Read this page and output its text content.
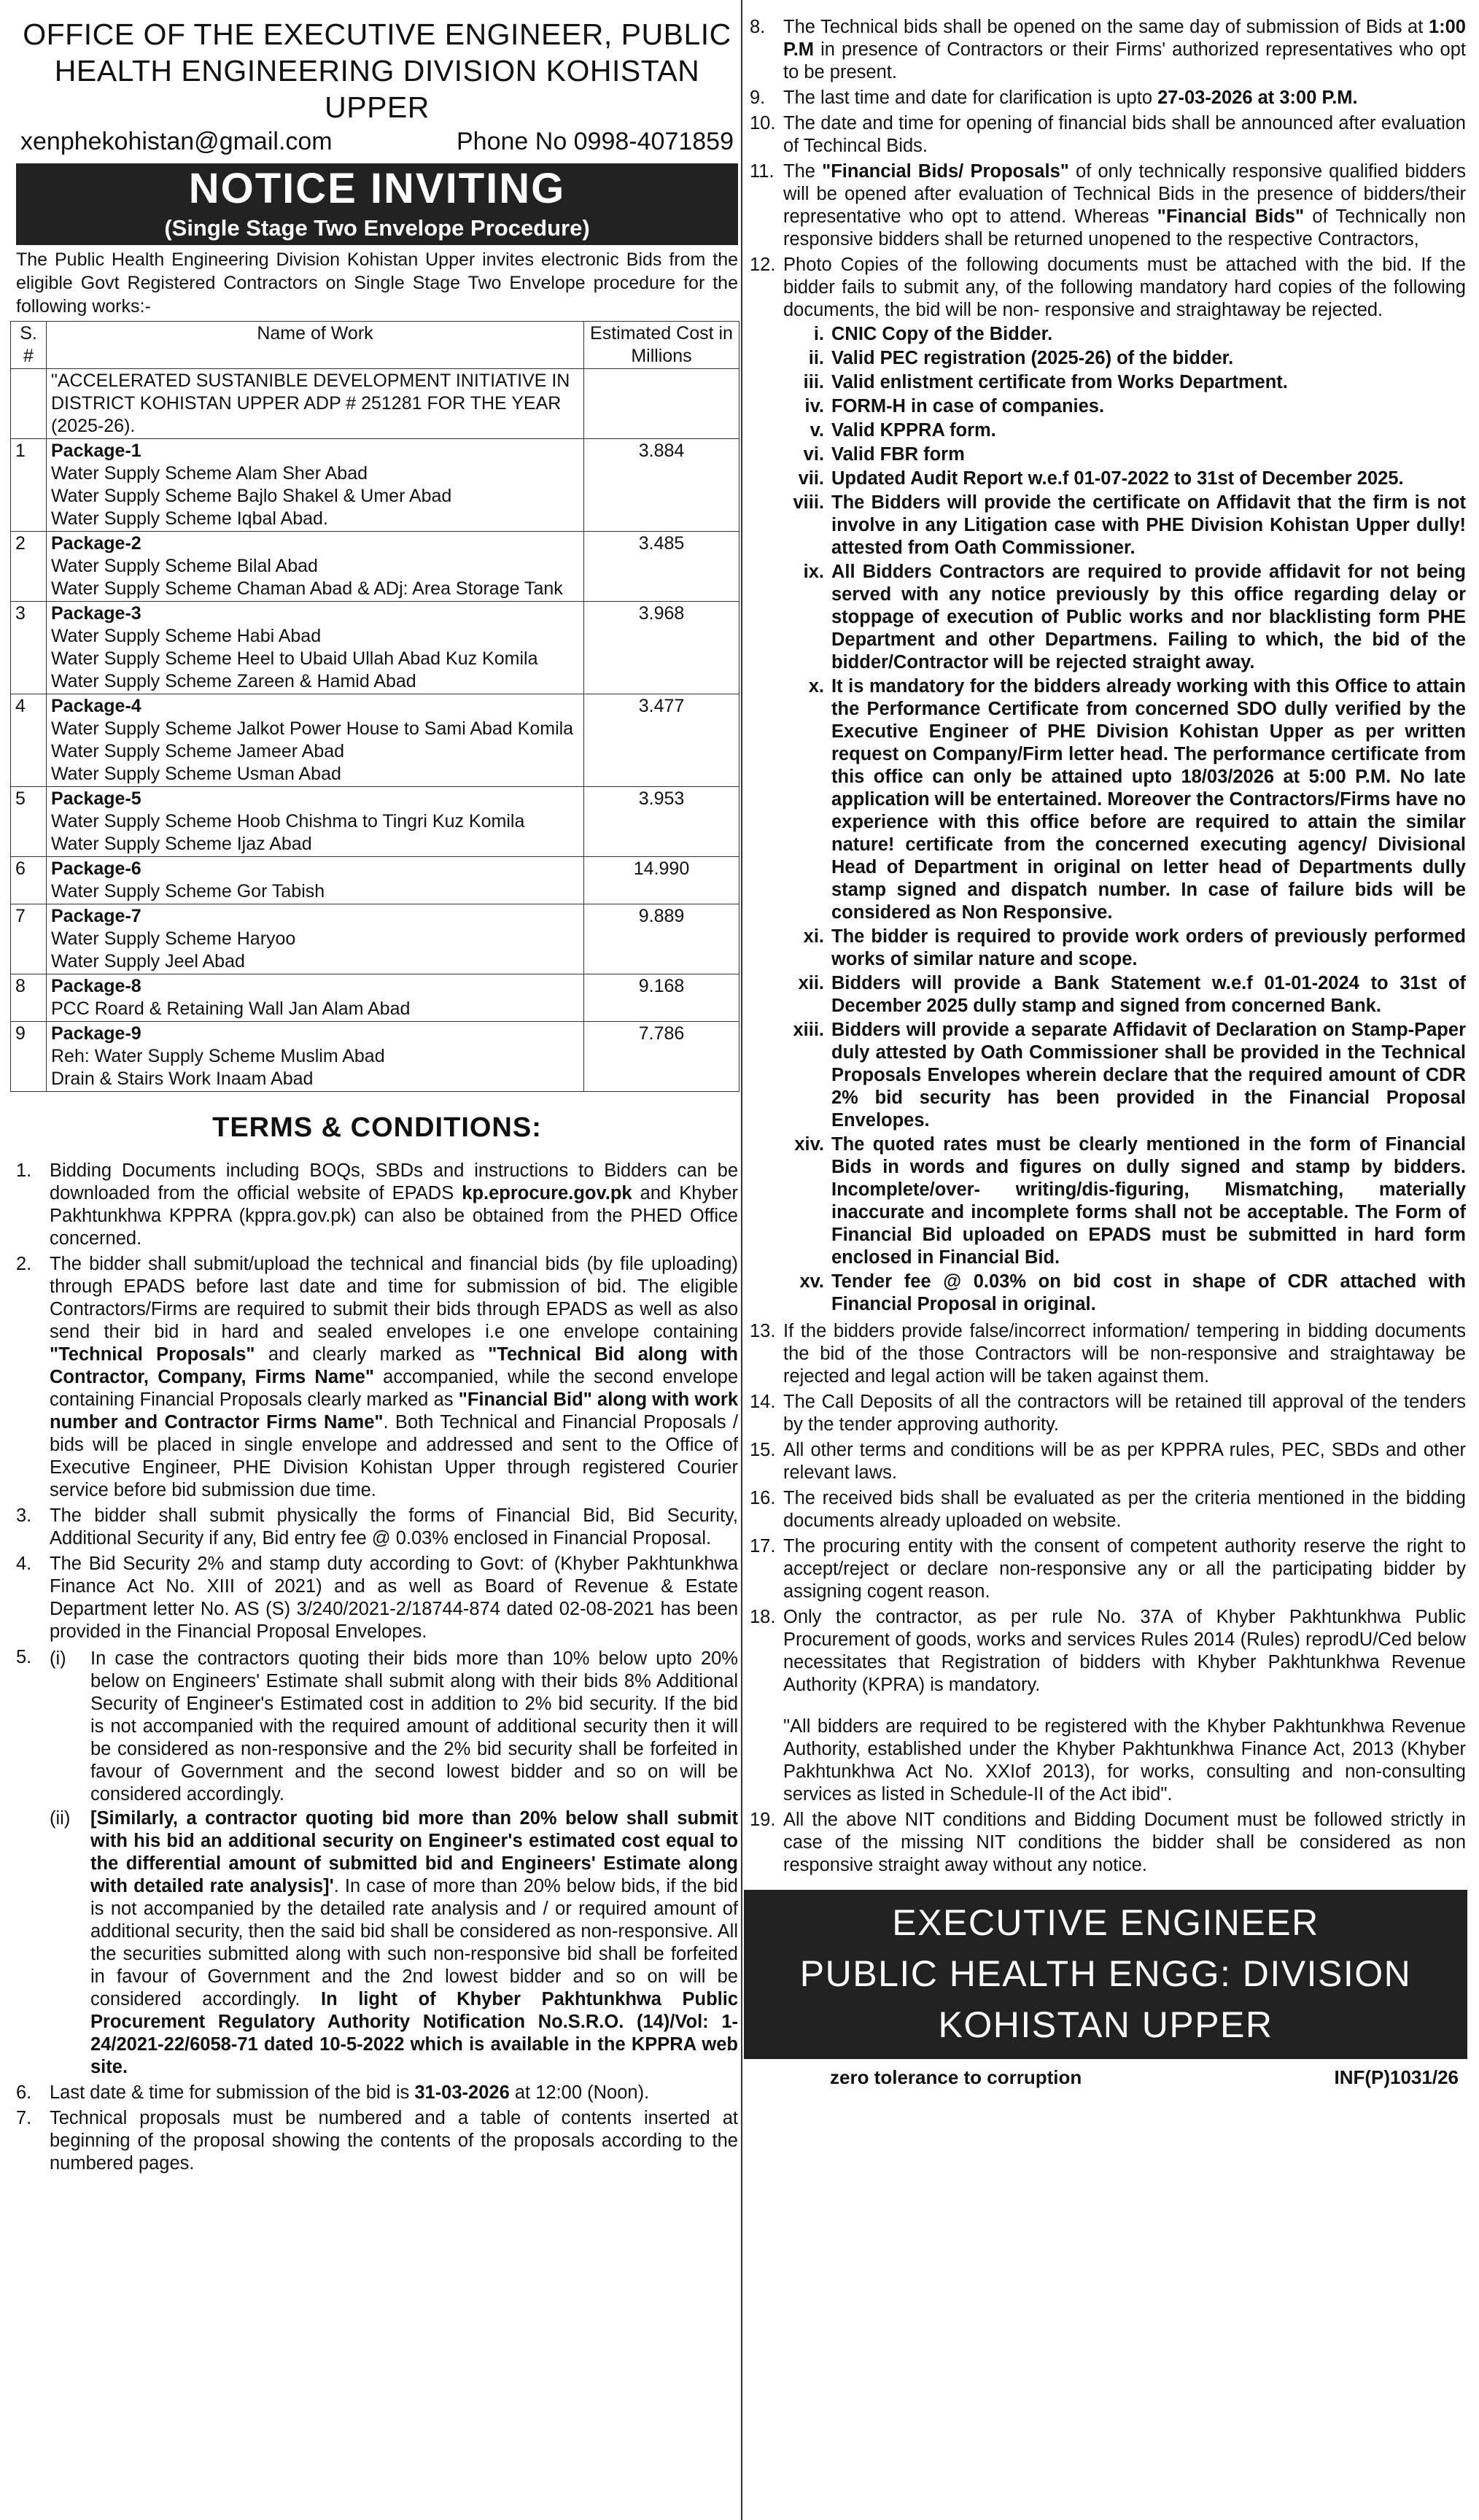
OFFICE OF THE EXECUTIVE ENGINEER, PUBLIC
HEALTH ENGINEERING DIVISION KOHISTAN UPPER
xenphekohistan@gmail.com	Phone No 0998-4071859
NOTICE INVITING
(Single Stage Two Envelope Procedure)
The Public Health Engineering Division Kohistan Upper invites electronic Bids from the eligible Govt Registered Contractors on Single Stage Two Envelope procedure for the following works:-
S. #	Name of Work	Estimated Cost in Millions
	"ACCELERATED SUSTANIBLE DEVELOPMENT INITIATIVE IN DISTRICT KOHISTAN UPPER ADP # 251281 FOR THE YEAR (2025-26).	
1	Package-1
Water Supply Scheme Alam Sher Abad
Water Supply Scheme Bajlo Shakel & Umer Abad
Water Supply Scheme Iqbal Abad.	3.884
2	Package-2
Water Supply Scheme Bilal Abad
Water Supply Scheme Chaman Abad & ADj: Area Storage Tank	3.485
3	Package-3
Water Supply Scheme Habi Abad
Water Supply Scheme Heel to Ubaid Ullah Abad Kuz Komila
Water Supply Scheme Zareen & Hamid Abad	3.968
4	Package-4
Water Supply Scheme Jalkot Power House to Sami Abad Komila
Water Supply Scheme Jameer Abad
Water Supply Scheme Usman Abad	3.477
5	Package-5
Water Supply Scheme Hoob Chishma to Tingri Kuz Komila
Water Supply Scheme Ijaz Abad	3.953
6	Package-6
Water Supply Scheme Gor Tabish	14.990
7	Package-7
Water Supply Scheme Haryoo
Water Supply Jeel Abad	9.889
8	Package-8
PCC Roard & Retaining Wall Jan Alam Abad	9.168
9	Package-9
Reh: Water Supply Scheme Muslim Abad
Drain & Stairs Work Inaam Abad	7.786
TERMS & CONDITIONS:
1. Bidding Documents including BOQs, SBDs and instructions to Bidders can be downloaded from the official website of EPADS kp.eprocure.gov.pk and Khyber Pakhtunkhwa KPPRA (kppra.gov.pk) can also be obtained from the PHED Office concerned.
2. The bidder shall submit/upload the technical and financial bids (by file uploading) through EPADS before last date and time for submission of bid. The eligible Contractors/Firms are required to submit their bids through EPADS as well as also send their bid in hard and sealed envelopes i.e one envelope containing "Technical Proposals" and clearly marked as "Technical Bid along with Contractor, Company, Firms Name" accompanied, while the second envelope containing Financial Proposals clearly marked as "Financial Bid" along with work number and Contractor Firms Name". Both Technical and Financial Proposals / bids will be placed in single envelope and addressed and sent to the Office of Executive Engineer, PHE Division Kohistan Upper through registered Courier service before bid submission due time.
3. The bidder shall submit physically the forms of Financial Bid, Bid Security, Additional Security if any, Bid entry fee @ 0.03% enclosed in Financial Proposal.
4. The Bid Security 2% and stamp duty according to Govt: of (Khyber Pakhtunkhwa Finance Act No. XIII of 2021) and as well as Board of Revenue & Estate Department letter No. AS (S) 3/240/2021-2/18744-874 dated 02-08-2021 has been provided in the Financial Proposal Envelopes.
5. (i)	In case the contractors quoting their bids more than 10% below upto 20% below on Engineers' Estimate shall submit along with their bids 8% Additional Security of Engineer's Estimated cost in addition to 2% bid security. If the bid is not accompanied with the required amount of additional security then it will be considered as non-responsive and the 2% bid security shall be forfeited in favour of Government and the second lowest bidder and so on will be considered accordingly.
(ii)	[Similarly, a contractor quoting bid more than 20% below shall submit with his bid an additional security on Engineer's estimated cost equal to the differential amount of submitted bid and Engineers' Estimate along with detailed rate analysis]'. In case of more than 20% below bids, if the bid is not accompanied by the detailed rate analysis and / or required amount of additional security, then the said bid shall be considered as non-responsive. All the securities submitted along with such non-responsive bid shall be forfeited in favour of Government and the 2nd lowest bidder and so on will be considered accordingly. In light of Khyber Pakhtunkhwa Public Procurement Regulatory Authority Notification No.S.R.O. (14)/Vol: 1-24/2021-22/6058-71 dated 10-5-2022 which is available in the KPPRA web site.
6. Last date & time for submission of the bid is 31-03-2026 at 12:00 (Noon).
7. Technical proposals must be numbered and a table of contents inserted at beginning of the proposal showing the contents of the proposals according to the numbered pages.
8. The Technical bids shall be opened on the same day of submission of Bids at 1:00 P.M in presence of Contractors or their Firms' authorized representatives who opt to be present.
9. The last time and date for clarification is upto 27-03-2026 at 3:00 P.M.
10. The date and time for opening of financial bids shall be announced after evaluation of Techincal Bids.
11. The "Financial Bids/ Proposals" of only technically responsive qualified bidders will be opened after evaluation of Technical Bids in the presence of bidders/their representative who opt to attend. Whereas "Financial Bids" of Technically non responsive bidders shall be returned unopened to the respective Contractors,
12. Photo Copies of the following documents must be attached with the bid. If the bidder fails to submit any, of the following mandatory hard copies of the following documents, the bid will be non- responsive and straightaway be rejected.
i. CNIC Copy of the Bidder.
ii. Valid PEC registration (2025-26) of the bidder.
iii. Valid enlistment certificate from Works Department.
iv. FORM-H in case of companies.
v. Valid KPPRA form.
vi. Valid FBR form
vii. Updated Audit Report w.e.f 01-07-2022 to 31st of December 2025.
viii. The Bidders will provide the certificate on Affidavit that the firm is not involve in any Litigation case with PHE Division Kohistan Upper dully! attested from Oath Commissioner.
ix. All Bidders Contractors are required to provide affidavit for not being served with any notice previously by this office regarding delay or stoppage of execution of Public works and nor blacklisting form PHE Department and other Departmens. Failing to which, the bid of the bidder/Contractor will be rejected straight away.
x. It is mandatory for the bidders already working with this Office to attain the Performance Certificate from concerned SDO dully verified by the Executive Engineer of PHE Division Kohistan Upper as per written request on Company/Firm letter head. The performance certificate from this office can only be attained upto 18/03/2026 at 5:00 P.M. No late application will be entertained. Moreover the Contractors/Firms have no experience with this office before are required to attain the similar nature! certificate from the concerned executing agency/ Divisional Head of Department in original on letter head of Departments dully stamp signed and dispatch number. In case of failure bids will be considered as Non Responsive.
xi. The bidder is required to provide work orders of previously performed works of similar nature and scope.
xii. Bidders will provide a Bank Statement w.e.f 01-01-2024 to 31st of December 2025 dully stamp and signed from concerned Bank.
xiii. Bidders will provide a separate Affidavit of Declaration on Stamp-Paper duly attested by Oath Commissioner shall be provided in the Technical Proposals Envelopes wherein declare that the required amount of CDR 2% bid security has been provided in the Financial Proposal Envelopes.
xiv. The quoted rates must be clearly mentioned in the form of Financial Bids in words and figures on dully signed and stamp by bidders. Incomplete/over- writing/dis-figuring, Mismatching, materially inaccurate and incomplete forms shall not be acceptable. The Form of Financial Bid uploaded on EPADS must be submitted in hard form enclosed in Financial Bid.
xv. Tender fee @ 0.03% on bid cost in shape of CDR attached with Financial Proposal in original.
13. If the bidders provide false/incorrect information/ tempering in bidding documents the bid of the those Contractors will be non-responsive and straightaway be rejected and legal action will be taken against them.
14. The Call Deposits of all the contractors will be retained till approval of the tenders by the tender approving authority.
15. All other terms and conditions will be as per KPPRA rules, PEC, SBDs and other relevant laws.
16. The received bids shall be evaluated as per the criteria mentioned in the bidding documents already uploaded on website.
17. The procuring entity with the consent of competent authority reserve the right to accept/reject or declare non-responsive any or all the participating bidder by assigning cogent reason.
18. Only the contractor, as per rule No. 37A of Khyber Pakhtunkhwa Public Procurement of goods, works and services Rules 2014 (Rules) reprodU/Ced below necessitates that Registration of bidders with Khyber Pakhtunkhwa Revenue Authority (KPRA) is mandatory.
"All bidders are required to be registered with the Khyber Pakhtunkhwa Revenue Authority, established under the Khyber Pakhtunkhwa Finance Act, 2013 (Khyber Pakhtunkhwa Act No. XXIof 2013), for works, consulting and non-consulting services as listed in Schedule-II of the Act ibid".
19. All the above NIT conditions and Bidding Document must be followed strictly in case of the missing NIT conditions the bidder shall be considered as non responsive straight away without any notice.
EXECUTIVE ENGINEER
PUBLIC HEALTH ENGG: DIVISION
KOHISTAN UPPER
zero tolerance to corruption	INF(P)1031/26
